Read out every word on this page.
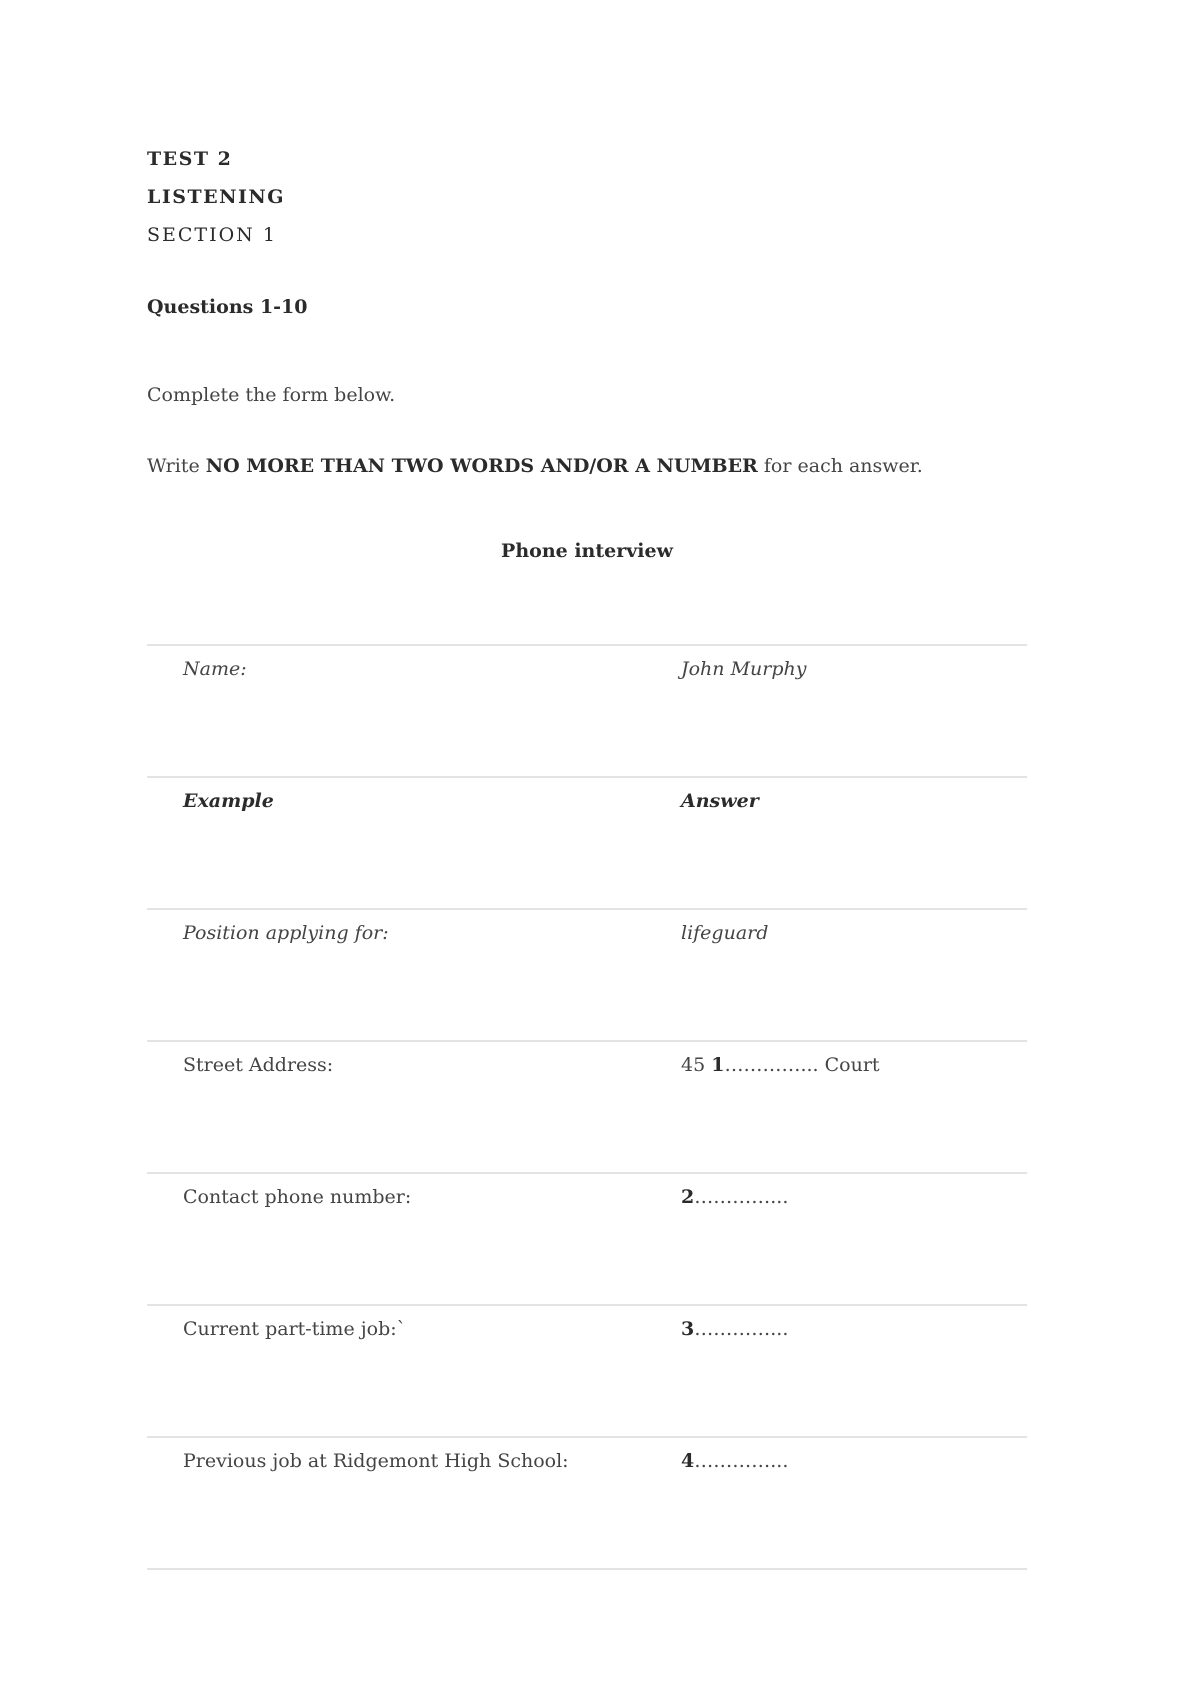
TEST 2
LISTENING
SECTION 1
Questions 1-10
Complete the form below.
Write NO MORE THAN TWO WORDS AND/OR A NUMBER for each answer.
Phone interview
Name:	John Murphy
Example	Answer
Position applying for:	lifeguard
Street Address:	45 1…………... Court
Contact phone number:	2…………...
Current part-time job:`	3…………...
Previous job at Ridgemont High School:	4…………...
